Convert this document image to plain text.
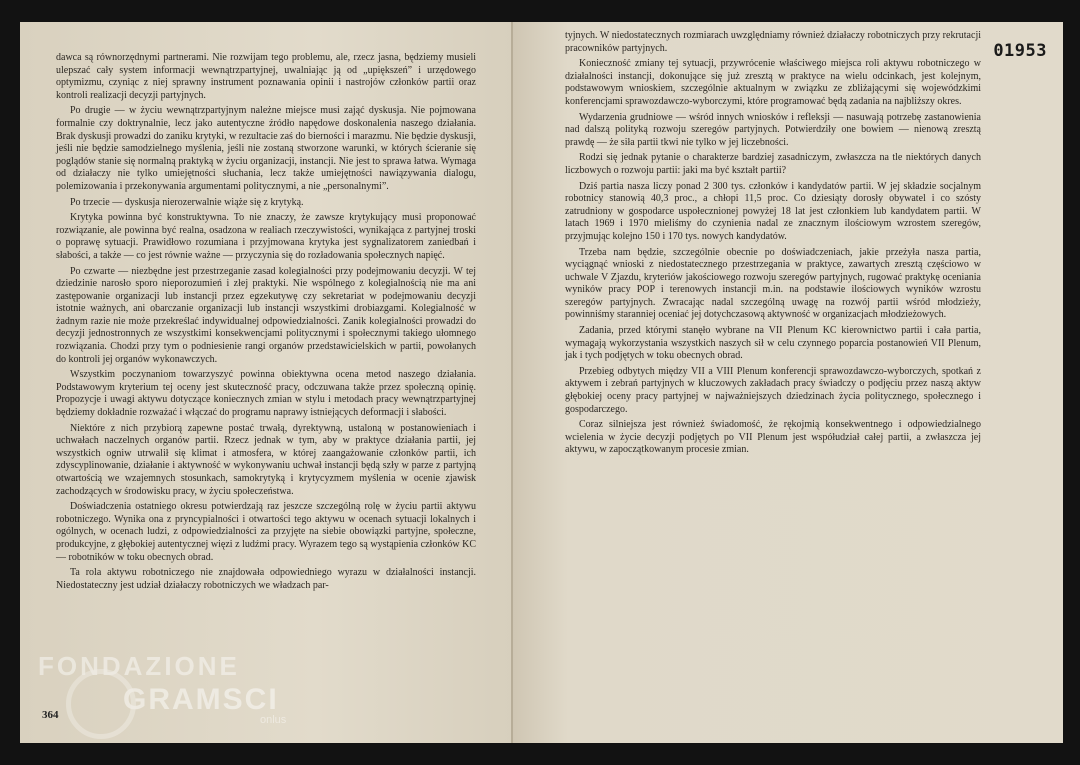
dawca są równorzędnymi partnerami. Nie rozwijam tego problemu, ale, rzecz jasna, będziemy musieli ulepszać cały system informacji wewnątrzpartyjnej, uwalniając ją od „upiększeń” i urzędowego optymizmu, czyniąc z niej sprawny instrument poznawania opinii i nastrojów członków partii oraz kontroli realizacji decyzji partyjnych.

Po drugie — w życiu wewnątrzpartyjnym należne miejsce musi zająć dyskusja. Nie pojmowana formalnie czy doktrynalnie, lecz jako autentyczne źródło napędowe doskonalenia naszego działania. Brak dyskusji prowadzi do zaniku krytyki, w rezultacie zaś do bierności i marazmu. Nie będzie dyskusji, jeśli nie będzie samodzielnego myślenia, jeśli nie zostaną stworzone warunki, w których ścieranie się poglądów stanie się normalną praktyką w życiu organizacji, instancji. Nie jest to sprawa łatwa. Wymaga od działaczy nie tylko umiejętności słuchania, lecz także umiejętności nawiązywania dialogu, polemizowania i przekonywania argumentami politycznymi, a nie „personalnymi”.

Po trzecie — dyskusja nierozerwalnie wiąże się z krytyką.

Krytyka powinna być konstruktywna. To nie znaczy, że zawsze krytykujący musi proponować rozwiązanie, ale powinna być realna, osadzona w realiach rzeczywistości, wynikająca z partyjnej troski o poprawę sytuacji. Prawidłowo rozumiana i przyjmowana krytyka jest sygnalizatorem zaniedbań i słabości, a także — co jest równie ważne — przyczynia się do rozładowania społecznych napięć.

Po czwarte — niezbędne jest przestrzeganie zasad kolegialności przy podejmowaniu decyzji. W tej dziedzinie narosło sporo nieporozumień i złej praktyki. Nie wspólnego z kolegialnością nie ma ani zastępowanie organizacji lub instancji przez egzekutywę czy sekretariat w podejmowaniu decyzji istotnie ważnych, ani obarczanie organizacji lub instancji wszystkimi drobiazgami. Kolegialność w żadnym razie nie może przekreślać indywidualnej odpowiedzialności. Zanik kolegialności prowadzi do decyzji jednostronnych ze wszystkimi konsekwencjami politycznymi i społecznymi takiego ułomnego rozwiązania. Chodzi przy tym o podniesienie rangi organów przedstawicielskich w partii, powołanych do kontroli jej organów wykonawczych.

Wszystkim poczynaniom towarzyszyć powinna obiektywna ocena metod naszego działania. Podstawowym kryterium tej oceny jest skuteczność pracy, odczuwana także przez społeczną opinię. Propozycje i uwagi aktywu dotyczące koniecznych zmian w stylu i metodach pracy wewnątrzpartyjnej będziemy dokładnie rozważać i włączać do programu naprawy istniejących deformacji i słabości.

Niektóre z nich przybiorą zapewne postać trwałą, dyrektywną, ustaloną w postanowieniach i uchwałach naczelnych organów partii. Rzecz jednak w tym, aby w praktyce działania partii, jej wszystkich ogniw utrwalił się klimat i atmosfera, w której zaangażowanie członków partii, ich zdyscyplinowanie, działanie i aktywność w wykonywaniu uchwał instancji będą szły w parze z partyjną otwartością we wzajemnych stosunkach, samokrytyką i krytycyzmem myślenia w ocenie zjawisk zachodzących w środowisku pracy, w życiu społeczeństwa.

Doświadczenia ostatniego okresu potwierdzają raz jeszcze szczególną rolę w życiu partii aktywu robotniczego. Wynika ona z pryncypialności i otwartości tego aktywu w ocenach sytuacji lokalnych i ogólnych, w ocenach ludzi, z odpowiedzialności za przyjęte na siebie obowiązki partyjne, społeczne, produkcyjne, z głębokiej autentycznej więzi z ludźmi pracy. Wyrazem tego są wystąpienia członków KC — robotników w toku obecnych obrad.

Ta rola aktywu robotniczego nie znajdowała odpowiedniego wyrazu w działalności instancji. Niedostateczny jest udział działaczy robotniczych we władzach par-

FONDAZIONE
GRAMSCI
onlus
364
01953

tyjnych. W niedostatecznych rozmiarach uwzględniamy również działaczy robotniczych przy rekrutacji pracowników partyjnych.

Konieczność zmiany tej sytuacji, przywrócenie właściwego miejsca roli aktywu robotniczego w działalności instancji, dokonujące się już zresztą w praktyce na wielu odcinkach, jest kolejnym, podstawowym wnioskiem, szczególnie aktualnym w związku ze zbliżającymi się wojewódzkimi konferencjami sprawozdawczo-wyborczymi, które programować będą zadania na najbliższy okres.

Wydarzenia grudniowe — wśród innych wniosków i refleksji — nasuwają potrzebę zastanowienia nad dalszą polityką rozwoju szeregów partyjnych. Potwierdziły one bowiem — nienową zresztą prawdę — że siła partii tkwi nie tylko w jej liczebności.

Rodzi się jednak pytanie o charakterze bardziej zasadniczym, zwłaszcza na tle niektórych danych liczbowych o rozwoju partii: jaki ma być kształt partii?

Dziś partia nasza liczy ponad 2 300 tys. członków i kandydatów partii. W jej składzie socjalnym robotnicy stanowią 40,3 proc., a chłopi 11,5 proc. Co dziesiąty dorosły obywatel i co szósty zatrudniony w gospodarce uspołecznionej powyżej 18 lat jest członkiem lub kandydatem partii. W latach 1969 i 1970 mieliśmy do czynienia nadal ze znacznym ilościowym wzrostem szeregów, przyjmując kolejno 150 i 170 tys. nowych kandydatów.

Trzeba nam będzie, szczególnie obecnie po doświadczeniach, jakie przeżyła nasza partia, wyciągnąć wnioski z niedostatecznego przestrzegania w praktyce, zawartych zresztą częściowo w uchwale V Zjazdu, kryteriów jakościowego rozwoju szeregów partyjnych, rugować praktykę oceniania wyników pracy POP i terenowych instancji m.in. na podstawie ilościowych wyników wzrostu szeregów partyjnych. Zwracając nadal szczególną uwagę na rozwój partii wśród młodzieży, powinniśmy staranniej oceniać jej dotychczasową aktywność w organizacjach młodzieżowych.

Zadania, przed którymi stanęło wybrane na VII Plenum KC kierownictwo partii i cała partia, wymagają wykorzystania wszystkich naszych sił w celu czynnego poparcia postanowień VII Plenum, jak i tych podjętych w toku obecnych obrad.

Przebieg odbytych między VII a VIII Plenum konferencji sprawozdawczo-wyborczych, spotkań z aktywem i zebrań partyjnych w kluczowych zakładach pracy świadczy o podjęciu przez naszą aktyw głębokiej oceny pracy partyjnej w najważniejszych dziedzinach życia politycznego, społecznego i gospodarczego.

Coraz silniejsza jest również świadomość, że rękojmią konsekwentnego i odpowiedzialnego wcielenia w życie decyzji podjętych po VII Plenum jest współudział całej partii, a zwłaszcza jej aktywu, w zapoczątkowanym procesie zmian.
